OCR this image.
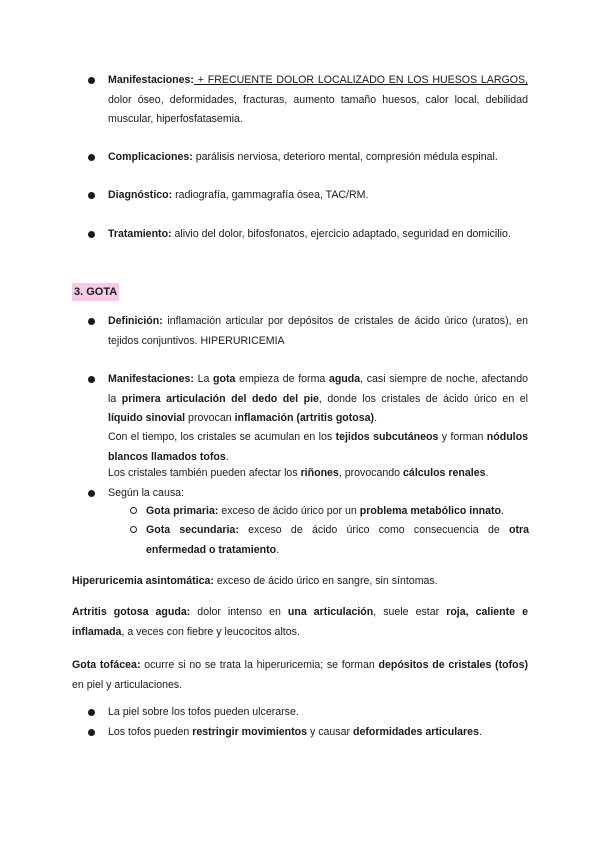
Manifestaciones: + FRECUENTE DOLOR LOCALIZADO EN LOS HUESOS LARGOS, dolor óseo, deformidades, fracturas, aumento tamaño huesos, calor local, debilidad muscular, hiperfosfatasemia.
Complicaciones: parálisis nerviosa, deterioro mental, compresión médula espinal.
Diagnóstico: radiografía, gammagrafía ósea, TAC/RM.
Tratamiento: alivio del dolor, bifosfonatos, ejercicio adaptado, seguridad en domicilio.
3. GOTA
Definición: inflamación articular por depósitos de cristales de ácido úrico (uratos), en tejidos conjuntivos. HIPERURICEMIA
Manifestaciones: La gota empieza de forma aguda, casi siempre de noche, afectando la primera articulación del dedo del pie, donde los cristales de ácido úrico en el líquido sinovial provocan inflamación (artritis gotosa).
Con el tiempo, los cristales se acumulan en los tejidos subcutáneos y forman nódulos blancos llamados tofos.
Los cristales también pueden afectar los riñones, provocando cálculos renales.
Según la causa:
Gota primaria: exceso de ácido úrico por un problema metabólico innato.
Gota secundaria: exceso de ácido úrico como consecuencia de otra enfermedad o tratamiento.
Hiperuricemia asintomática: exceso de ácido úrico en sangre, sin síntomas.
Artritis gotosa aguda: dolor intenso en una articulación, suele estar roja, caliente e inflamada, a veces con fiebre y leucocitos altos.
Gota tofácea: ocurre si no se trata la hiperuricemia; se forman depósitos de cristales (tofos) en piel y articulaciones.
La piel sobre los tofos pueden ulcerarse.
Los tofos pueden restringir movimientos y causar deformidades articulares.
